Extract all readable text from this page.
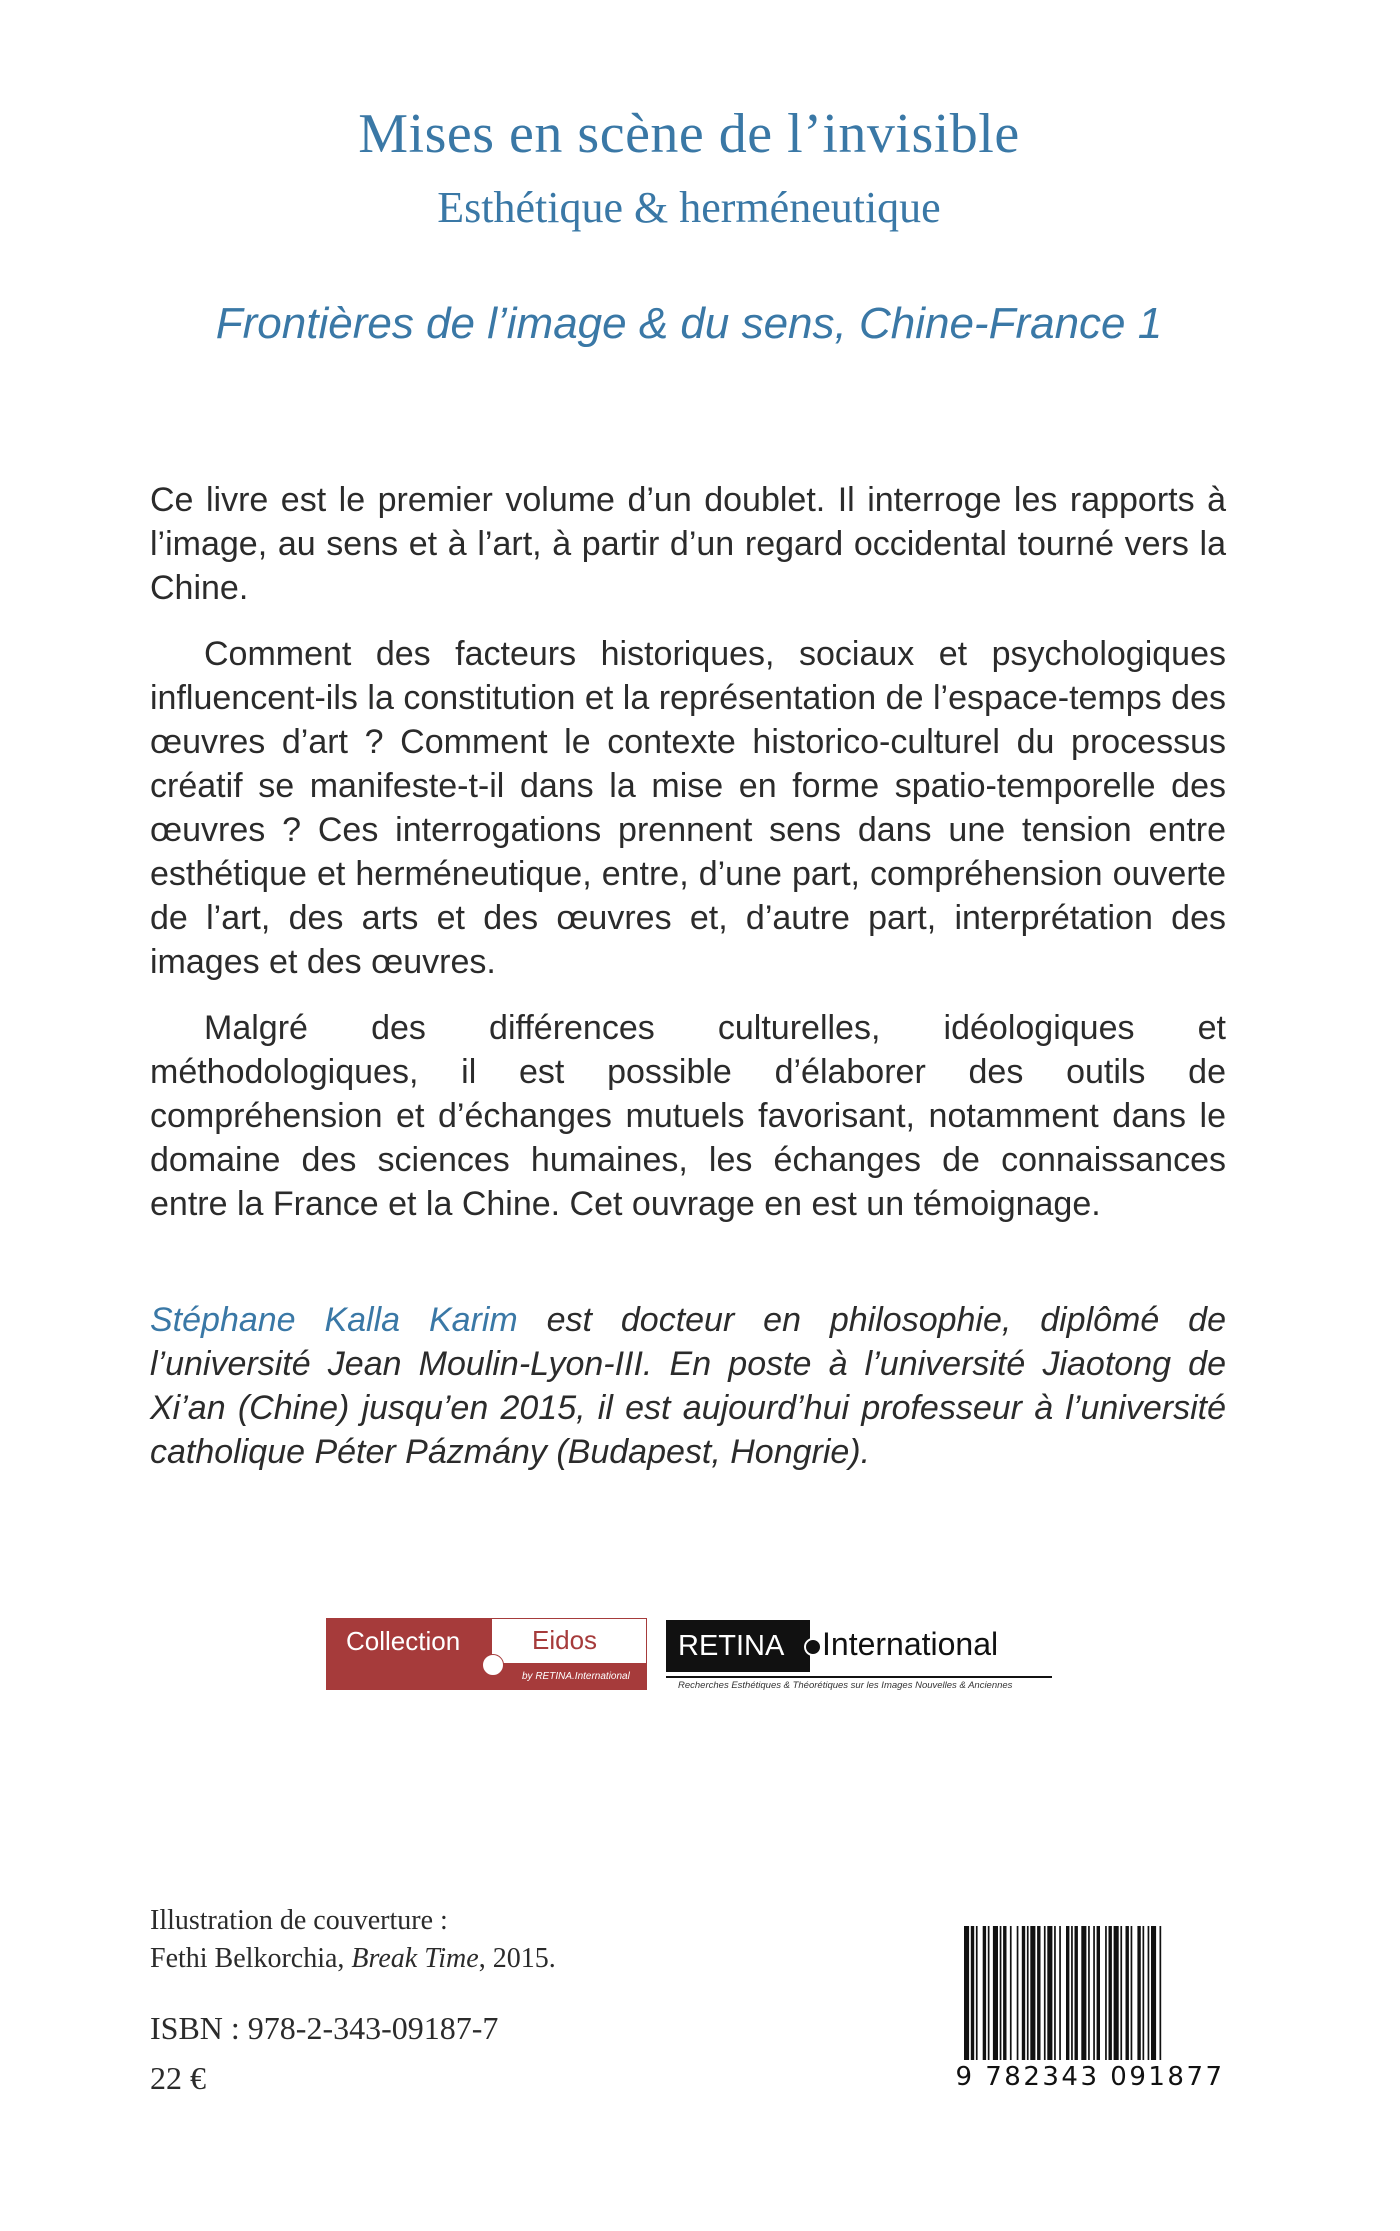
Mises en scène de l’invisible
Esthétique & herméneutique
Frontières de l’image & du sens, Chine-France 1

Ce livre est le premier volume d’un doublet. Il interroge les rapports à l’image, au sens et à l’art, à partir d’un regard occidental tourné vers la Chine.

Comment des facteurs historiques, sociaux et psychologiques influencent-ils la constitution et la représentation de l’espace-temps des œuvres d’art ? Comment le contexte historico-culturel du processus créatif se manifeste-t-il dans la mise en forme spatio-temporelle des œuvres ? Ces interrogations prennent sens dans une tension entre esthétique et herméneutique, entre, d’une part, compréhension ouverte de l’art, des arts et des œuvres et, d’autre part, interprétation des images et des œuvres.

Malgré des différences culturelles, idéologiques et méthodologiques, il est possible d’élaborer des outils de compréhension et d’échanges mutuels favorisant, notamment dans le domaine des sciences humaines, les échanges de connaissances entre la France et la Chine. Cet ouvrage en est un témoignage.

Stéphane Kalla Karim est docteur en philosophie, diplômé de l’université Jean Moulin-Lyon-III. En poste à l’université Jiaotong de Xi’an (Chine) jusqu’en 2015, il est aujourd’hui professeur à l’université catholique Péter Pázmány (Budapest, Hongrie).

Collection	Eidos
by RETINA.International
RETINA International
Recherches Esthétiques & Théorétiques sur les Images Nouvelles & Anciennes
Illustration de couverture :
Fethi Belkorchia, Break Time, 2015.
ISBN : 978-2-343-09187-7
22 €	9 782343 091877
